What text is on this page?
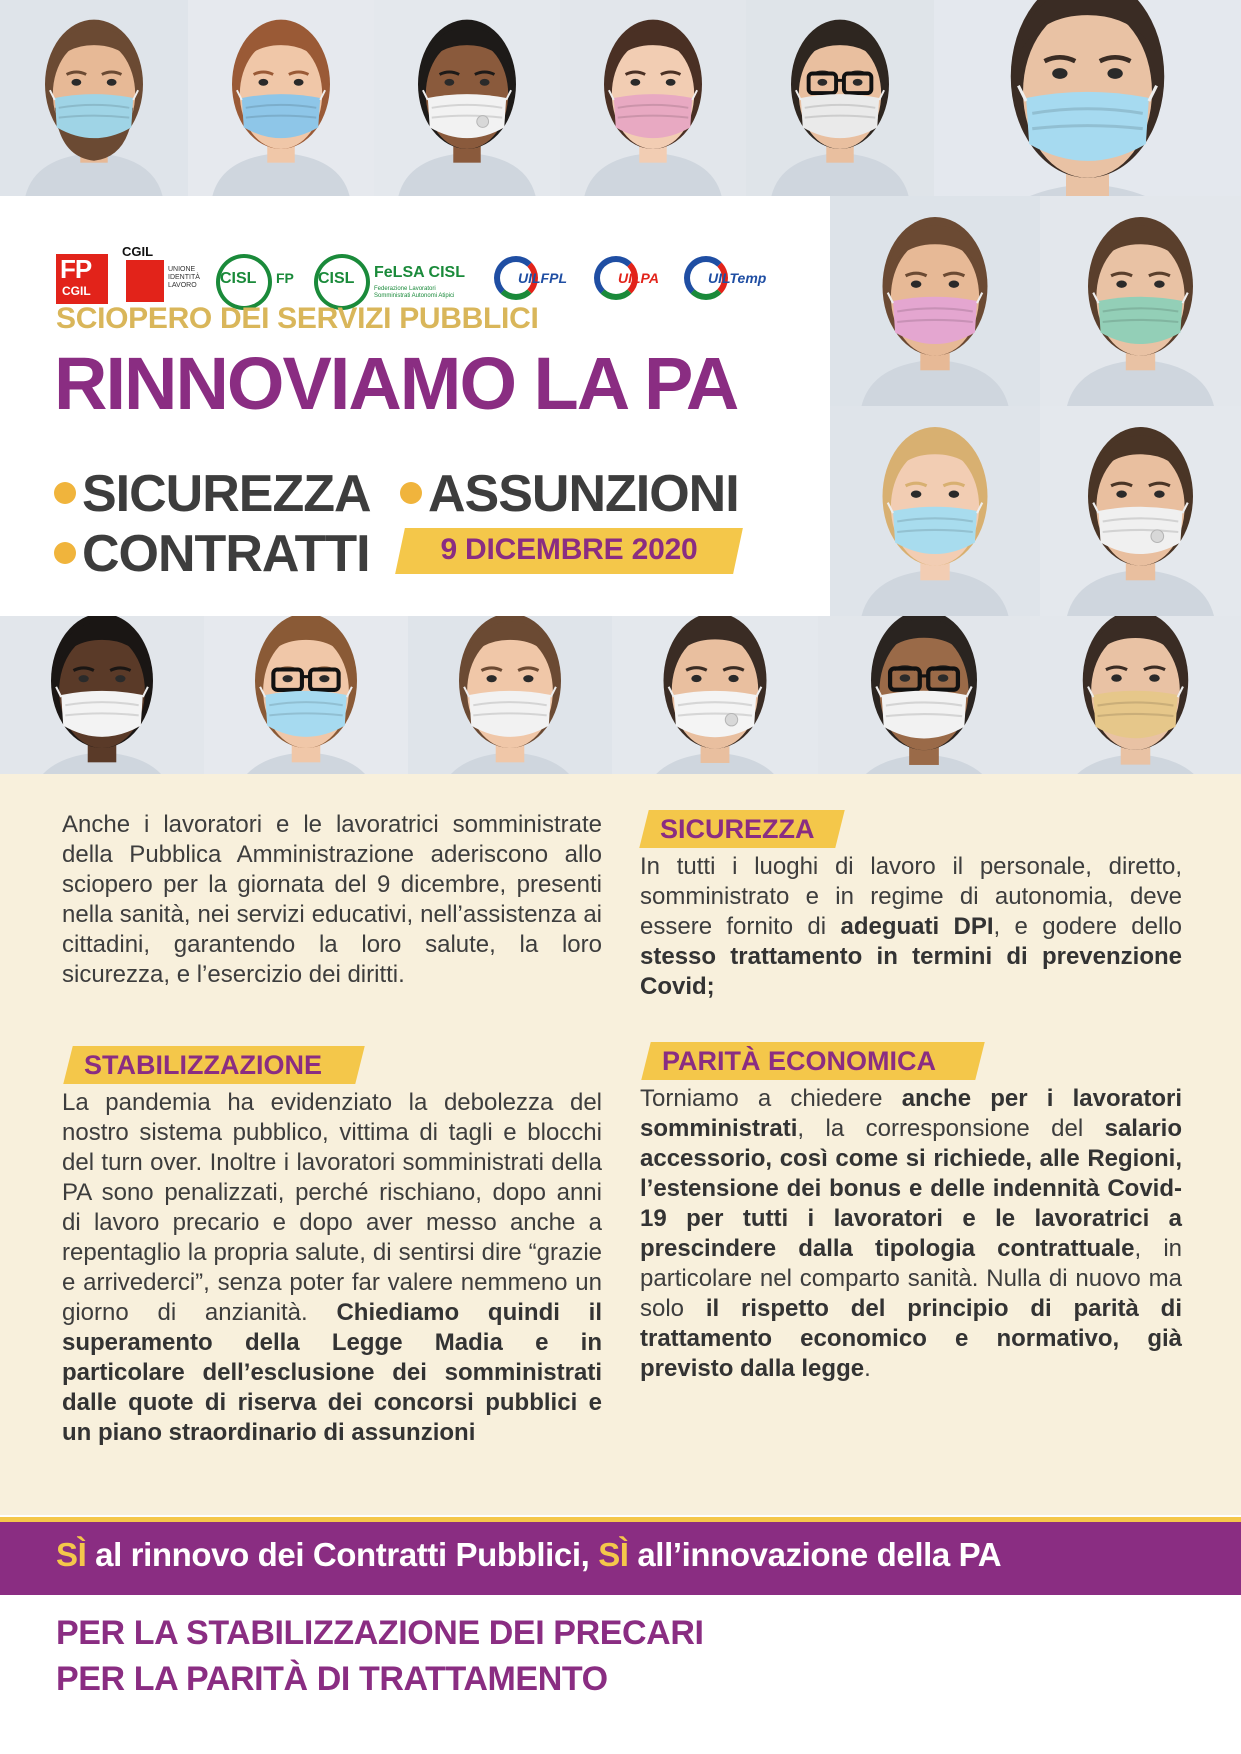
FP
CGIL
CGIL
UNIONE IDENTITÀ LAVORO	CISL FP CISL FeLSA CISL
Federazione Lavoratori Somministrati Autonomi Atipici
UILFPL	UILPA	UILTemp
SCIOPERO DEI SERVIZI PUBBLICI
RINNOVIAMO LA PA
SICUREZZA	ASSUNZIONI
CONTRATTI	9 DICEMBRE 2020
Anche i lavoratori e le lavoratrici somministrate della Pubblica Amministrazione aderiscono allo sciopero per la giornata del 9 dicembre, presenti nella sanità, nei servizi educativi, nell’assistenza ai cittadini, garantendo la loro salute, la loro sicurezza, e l’esercizio dei diritti.
STABILIZZAZIONE
La pandemia ha evidenziato la debolezza del nostro sistema pubblico, vittima di tagli e blocchi del turn over. Inoltre i lavoratori somministrati della PA sono penalizzati, perché rischiano, dopo anni di lavoro precario e dopo aver messo anche a repentaglio la propria salute, di sentirsi dire “grazie e arrivederci”, senza poter far valere nemmeno un giorno di anzianità. Chiediamo quindi il superamento della Legge Madia e in particolare dell’esclusione dei somministrati dalle quote di riserva dei concorsi pubblici e un piano straordinario di assunzioni
SICUREZZA
In tutti i luoghi di lavoro il personale, diretto, somministrato e in regime di autonomia, deve essere fornito di adeguati DPI, e godere dello stesso trattamento in termini di prevenzione Covid;
PARITÀ ECONOMICA
Torniamo a chiedere anche per i lavoratori somministrati, la corresponsione del salario accessorio, così come si richiede, alle Regioni, l’estensione dei bonus e delle indennità Covid-19 per tutti i lavoratori e le lavoratrici a prescindere dalla tipologia contrattuale, in particolare nel comparto sanità. Nulla di nuovo ma solo il rispetto del principio di parità di trattamento economico e normativo, già previsto dalla legge.
SÌ al rinnovo dei Contratti Pubblici, SÌ all’innovazione della PA
PER LA STABILIZZAZIONE DEI PRECARI
PER LA PARITÀ DI TRATTAMENTO
